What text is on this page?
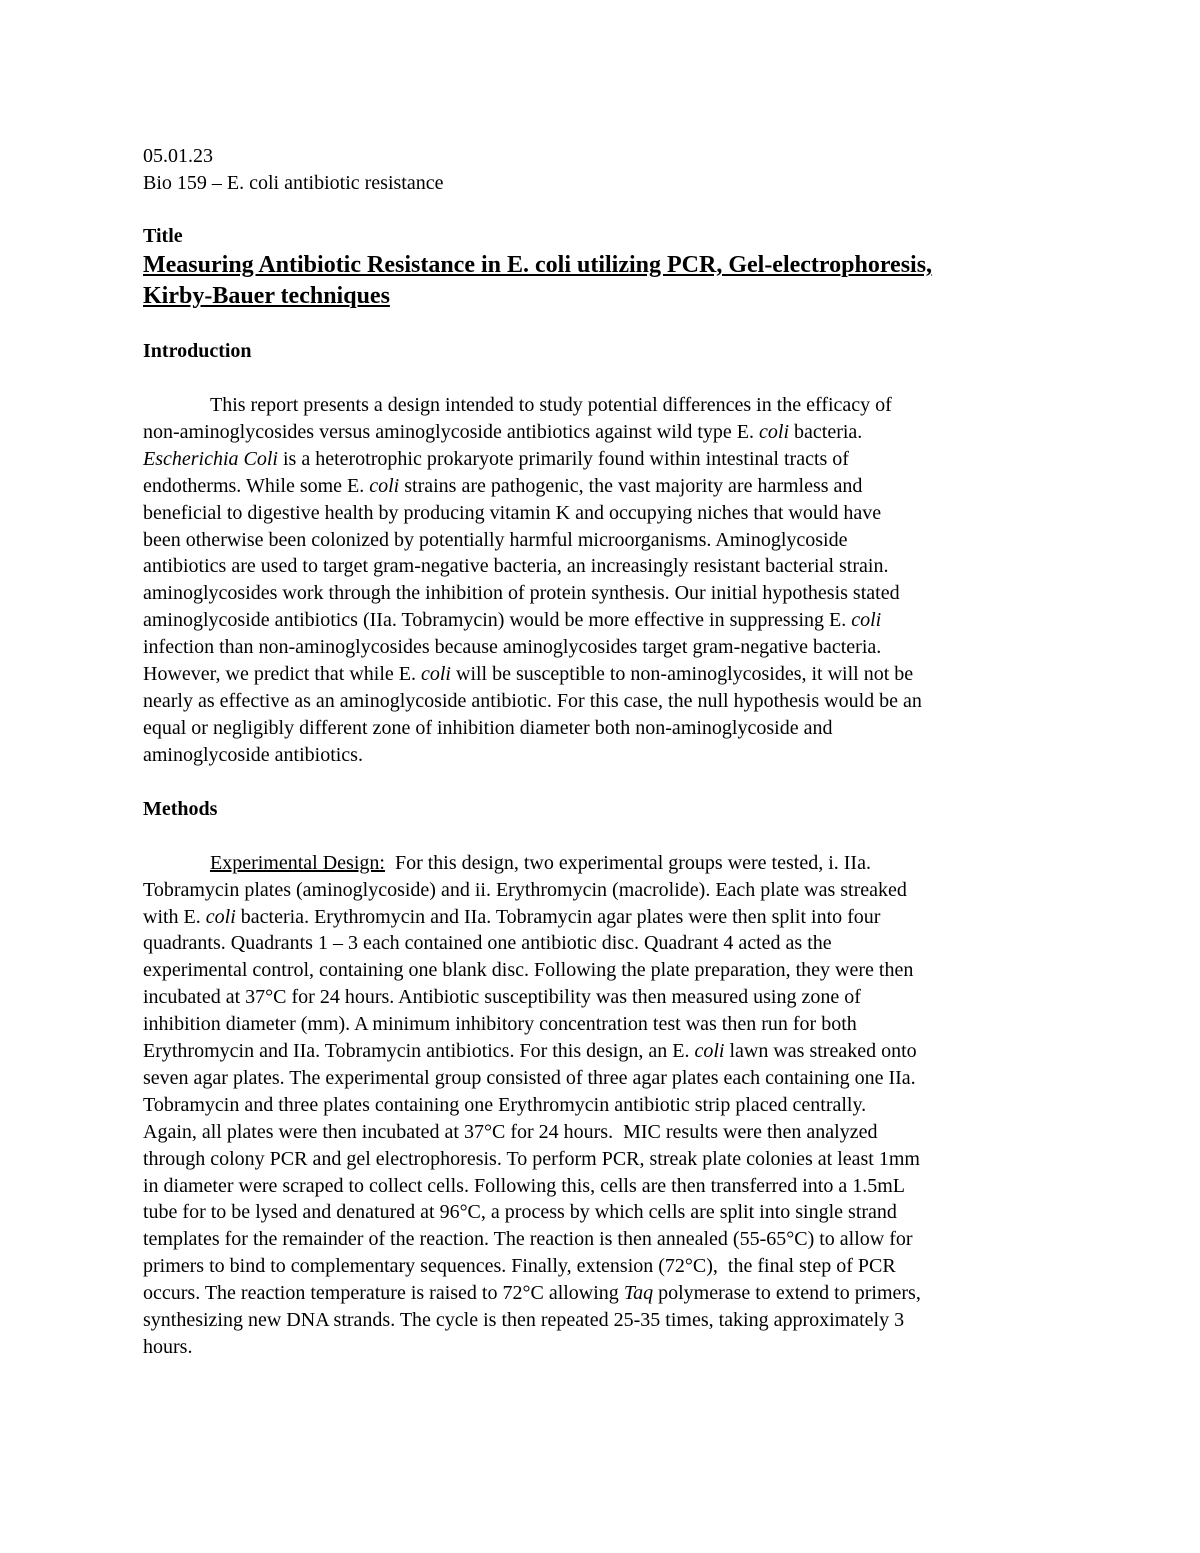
05.01.23

Bio 159 – E. coli antibiotic resistance

Title

Measuring Antibiotic Resistance in E. coli utilizing PCR, Gel-electrophoresis,

Kirby-Bauer techniques

Introduction

This report presents a design intended to study potential differences in the efficacy of
non-aminoglycosides versus aminoglycoside antibiotics against wild type E. coli bacteria.
Escherichia Coli is a heterotrophic prokaryote primarily found within intestinal tracts of
endotherms. While some E. coli strains are pathogenic, the vast majority are harmless and
beneficial to digestive health by producing vitamin K and occupying niches that would have
been otherwise been colonized by potentially harmful microorganisms. Aminoglycoside
antibiotics are used to target gram-negative bacteria, an increasingly resistant bacterial strain.
aminoglycosides work through the inhibition of protein synthesis. Our initial hypothesis stated
aminoglycoside antibiotics (IIa. Tobramycin) would be more effective in suppressing E. coli
infection than non-aminoglycosides because aminoglycosides target gram-negative bacteria.
However, we predict that while E. coli will be susceptible to non-aminoglycosides, it will not be
nearly as effective as an aminoglycoside antibiotic. For this case, the null hypothesis would be an
equal or negligibly different zone of inhibition diameter both non-aminoglycoside and
aminoglycoside antibiotics.

Methods

Experimental Design:  For this design, two experimental groups were tested, i. IIa.
Tobramycin plates (aminoglycoside) and ii. Erythromycin (macrolide). Each plate was streaked
with E. coli bacteria. Erythromycin and IIa. Tobramycin agar plates were then split into four
quadrants. Quadrants 1 – 3 each contained one antibiotic disc. Quadrant 4 acted as the
experimental control, containing one blank disc. Following the plate preparation, they were then
incubated at 37°C for 24 hours. Antibiotic susceptibility was then measured using zone of
inhibition diameter (mm). A minimum inhibitory concentration test was then run for both
Erythromycin and IIa. Tobramycin antibiotics. For this design, an E. coli lawn was streaked onto
seven agar plates. The experimental group consisted of three agar plates each containing one IIa.
Tobramycin and three plates containing one Erythromycin antibiotic strip placed centrally.
Again, all plates were then incubated at 37°C for 24 hours.  MIC results were then analyzed
through colony PCR and gel electrophoresis. To perform PCR, streak plate colonies at least 1mm
in diameter were scraped to collect cells. Following this, cells are then transferred into a 1.5mL
tube for to be lysed and denatured at 96°C, a process by which cells are split into single strand
templates for the remainder of the reaction. The reaction is then annealed (55-65°C) to allow for
primers to bind to complementary sequences. Finally, extension (72°C),  the final step of PCR
occurs. The reaction temperature is raised to 72°C allowing Taq polymerase to extend to primers,
synthesizing new DNA strands. The cycle is then repeated 25-35 times, taking approximately 3
hours.
